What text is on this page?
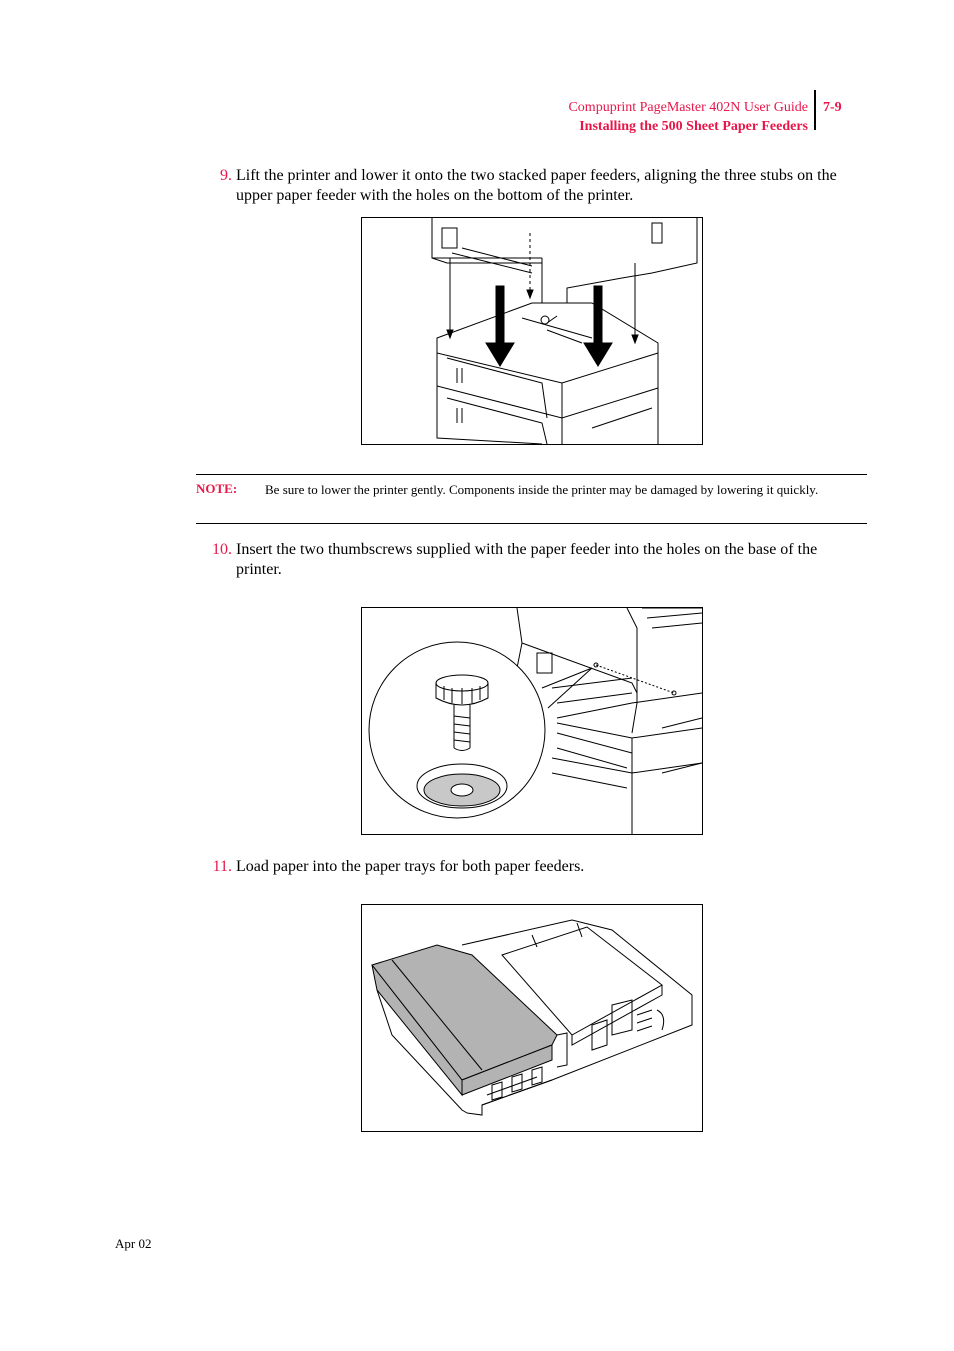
Compuprint PageMaster 402N User Guide
Installing the 500 Sheet Paper Feeders
7-9
9. Lift the printer and lower it onto the two stacked paper feeders, aligning the three stubs on the upper paper feeder with the holes on the bottom of the printer.
NOTE: Be sure to lower the printer gently. Components inside the printer may be damaged by lowering it quickly.
10. Insert the two thumbscrews supplied with the paper feeder into the holes on the base of the printer.
11. Load paper into the paper trays for both paper feeders.
Apr 02
